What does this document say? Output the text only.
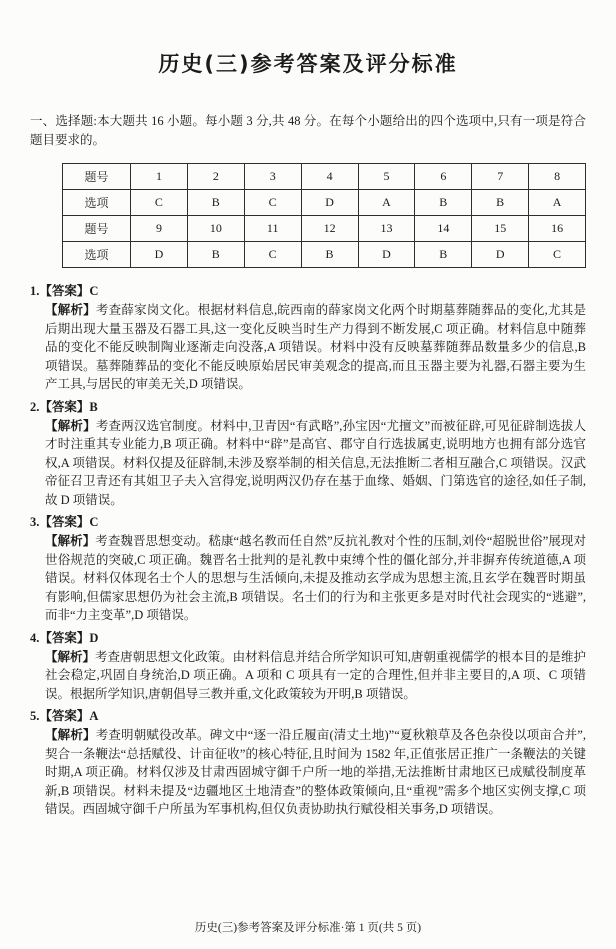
历史(三)参考答案及评分标准

一、选择题:本大题共 16 小题。每小题 3 分,共 48 分。在每个小题给出的四个选项中,只有一项是符合题目要求的。

题号	1	2	3	4	5	6	7	8
选项	C	B	C	D	A	B	B	A
题号	9	10	11	12	13	14	15	16
选项	D	B	C	B	D	B	D	C
1.【答案】C
【解析】考查薛家岗文化。根据材料信息,皖西南的薛家岗文化两个时期墓葬随葬品的变化,尤其是后期出现大量玉器及石器工具,这一变化反映当时生产力得到不断发展,C 项正确。材料信息中随葬品的变化不能反映制陶业逐渐走向没落,A 项错误。材料中没有反映墓葬随葬品数量多少的信息,B 项错误。墓葬随葬品的变化不能反映原始居民审美观念的提高,而且玉器主要为礼器,石器主要为生产工具,与居民的审美无关,D 项错误。
2.【答案】B
【解析】考查两汉选官制度。材料中,卫青因“有武略”,孙宝因“尤擅文”而被征辟,可见征辟制选拔人才时注重其专业能力,B 项正确。材料中“辟”是高官、郡守自行选拔属吏,说明地方也拥有部分选官权,A 项错误。材料仅提及征辟制,未涉及察举制的相关信息,无法推断二者相互融合,C 项错误。汉武帝征召卫青还有其姐卫子夫入宫得宠,说明两汉仍存在基于血缘、婚姻、门第选官的途径,如任子制,故 D 项错误。
3.【答案】C
【解析】考查魏晋思想变动。嵇康“越名教而任自然”反抗礼教对个性的压制,刘伶“超脱世俗”展现对世俗规范的突破,C 项正确。魏晋名士批判的是礼教中束缚个性的僵化部分,并非摒弃传统道德,A 项错误。材料仅体现名士个人的思想与生活倾向,未提及推动玄学成为思想主流,且玄学在魏晋时期虽有影响,但儒家思想仍为社会主流,B 项错误。名士们的行为和主张更多是对时代社会现实的“逃避”,而非“力主变革”,D 项错误。
4.【答案】D
【解析】考查唐朝思想文化政策。由材料信息并结合所学知识可知,唐朝重视儒学的根本目的是维护社会稳定,巩固自身统治,D 项正确。A 项和 C 项具有一定的合理性,但并非主要目的,A 项、C 项错误。根据所学知识,唐朝倡导三教并重,文化政策较为开明,B 项错误。
5.【答案】A
【解析】考查明朝赋役改革。碑文中“逐一沿丘履亩(清丈土地)”“夏秋粮草及各色杂役以项亩合并”,契合一条鞭法“总括赋役、计亩征收”的核心特征,且时间为 1582 年,正值张居正推广一条鞭法的关键时期,A 项正确。材料仅涉及甘肃西固城守御千户所一地的举措,无法推断甘肃地区已成赋役制度革新,B 项错误。材料未提及“边疆地区土地清查”的整体政策倾向,且“重视”需多个地区实例支撑,C 项错误。西固城守御千户所虽为军事机构,但仅负责协助执行赋役相关事务,D 项错误。
历史(三)参考答案及评分标准·第 1 页(共 5 页)
